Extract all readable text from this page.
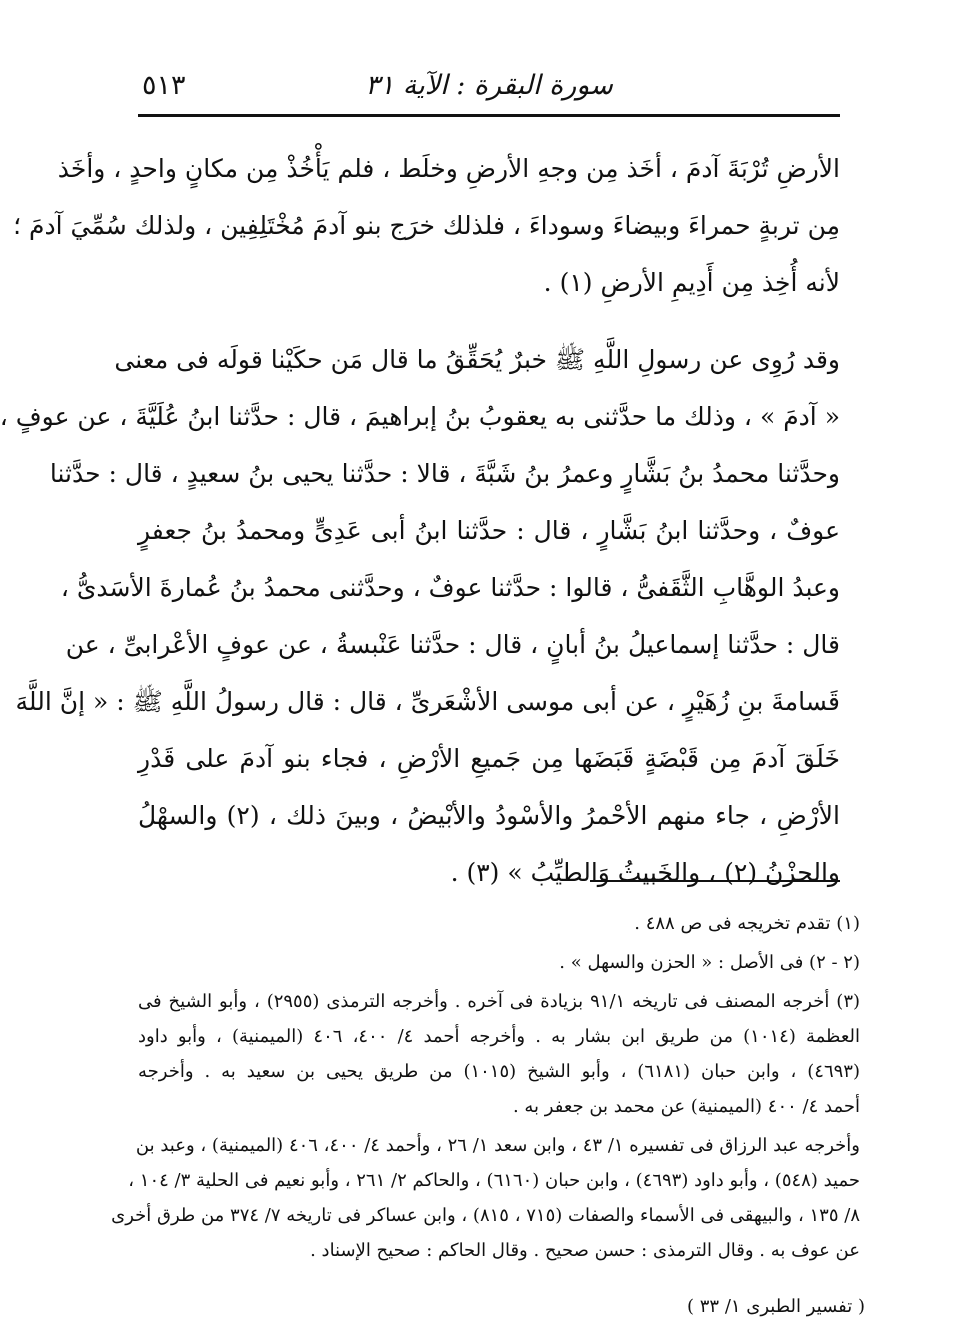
سورة البقرة : الآية ٣١
٥١٣

الأرضِ تُرْبَةَ آدمَ ، أخَذ مِن وجهِ الأرضِ وخلَط ، فلم يَأْخُذْ مِن مكانٍ واحدٍ ، وأخَذ
مِن تربةٍ حمراءَ وبيضاءَ وسوداءَ ، فلذلك خرَج بنو آدمَ مُخْتَلِفِين ، ولذلك سُمِّيَ آدمَ ؛
لأنه أُخِذ مِن أَدِيمِ الأرضِ (١) .

وقد رُوِى عن رسولِ اللَّهِ ﷺ خبرٌ يُحَقِّقُ ما قال مَن حكَيْنا قولَه فى معنى
« آدمَ » ، وذلك ما حدَّثنى به يعقوبُ بنُ إبراهيمَ ، قال : حدَّثنا ابنُ عُلَيَّةَ ، عن عوفٍ ،
وحدَّثنا محمدُ بنُ بَشَّارٍ وعمرُ بنُ شَبَّةَ ، قالا : حدَّثنا يحيى بنُ سعيدٍ ، قال : حدَّثنا
عوفٌ ، وحدَّثنا ابنُ بَشَّارٍ ، قال : حدَّثنا ابنُ أبى عَدِىٍّ ومحمدُ بنُ جعفرٍ
وعبدُ الوهَّابِ الثَّقَفىُّ ، قالوا : حدَّثنا عوفٌ ، وحدَّثنى محمدُ بنُ عُمارةَ الأسَدىُّ ،
قال : حدَّثنا إسماعيلُ بنُ أبانٍ ، قال : حدَّثنا عَنْبسةُ ، عن عوفٍ الأعْرابىِّ ، عن
قَسامةَ بنِ زُهَيْرٍ ، عن أبى موسى الأشْعَرىِّ ، قال : قال رسولُ اللَّهِ ﷺ : « إنَّ اللَّهَ
خَلَقَ آدمَ مِن قَبْضَةٍ قَبَضَها مِن جَميعِ الأرْضِ ، فجاء بنو آدمَ على قَدْرِ
الأرْضِ ، جاء منهم الأحْمرُ والأسْودُ والأبْيضُ ، وبينَ ذلك ، (٢) والسهْلُ
والحزْنُ (٢) ، والخَبيثُ وَالطيِّبُ » (٣) .

(١) تقدم تخريجه فى ص ٤٨٨ .
(٢ - ٢) فى الأصل : « الحزن والسهل » .
(٣) أخرجه المصنف فى تاريخه ٩١/١ بزيادة فى آخره . وأخرجه الترمذى (٢٩٥٥) ، وأبو الشيخ فى
العظمة (١٠١٤) من طريق ابن بشار به . وأخرجه أحمد ٤/ ٤٠٠، ٤٠٦ (الميمنية) ، وأبو داود
(٤٦٩٣) ، وابن حبان (٦١٨١) ، وأبو الشيخ (١٠١٥) من طريق يحيى بن سعيد به . وأخرجه
أحمد ٤/ ٤٠٠ (الميمنية) عن محمد بن جعفر به .
وأخرجه عبد الرزاق فى تفسيره ١/ ٤٣ ، وابن سعد ١/ ٢٦ ، وأحمد ٤/ ٤٠٠، ٤٠٦ (الميمنية) ، وعبد بن
حميد (٥٤٨) ، وأبو داود (٤٦٩٣) ، وابن حبان (٦١٦٠) ، والحاكم ٢/ ٢٦١ ، وأبو نعيم فى الحلية ٣/ ١٠٤ ،
٨/ ١٣٥ ، والبيهقى فى الأسماء والصفات (٧١٥ ، ٨١٥) ، وابن عساكر فى تاريخه ٧/ ٣٧٤ من طرق أخرى
عن عوف به . وقال الترمذى : حسن صحيح . وقال الحاكم : صحيح الإسناد .
( تفسير الطبرى ١/ ٣٣ )
